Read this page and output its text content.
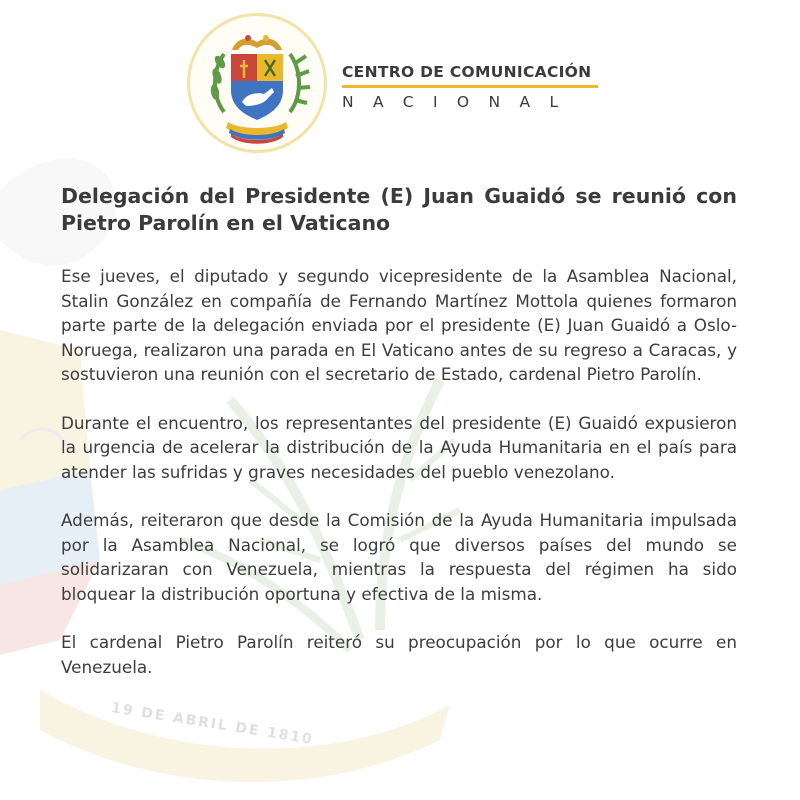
19 DE ABRIL DE 1810
CENTRO DE COMUNICACIÓN
NACIONAL
Delegación del Presidente (E) Juan Guaidó se reunió con Pietro Parolín en el Vaticano

Ese jueves, el diputado y segundo vicepresidente de la Asamblea Nacional, Stalin González en compañía de Fernando Martínez Mottola quienes formaron parte parte de la delegación enviada por el presidente (E) Juan Guaidó a Oslo-Noruega, realizaron una parada en El Vaticano antes de su regreso a Caracas, y sostuvieron una reunión con el secretario de Estado, cardenal Pietro Parolín.

Durante el encuentro, los representantes del presidente (E) Guaidó expusieron la urgencia de acelerar la distribución de la Ayuda Humanitaria en el país para atender las sufridas y graves necesidades del pueblo venezolano.

Además, reiteraron que desde la Comisión de la Ayuda Humanitaria impulsada por la Asamblea Nacional, se logró que diversos países del mundo se solidarizaran con Venezuela, mientras la respuesta del régimen ha sido bloquear la distribución oportuna y efectiva de la misma.

El cardenal Pietro Parolín reiteró su preocupación por lo que ocurre en Venezuela.
